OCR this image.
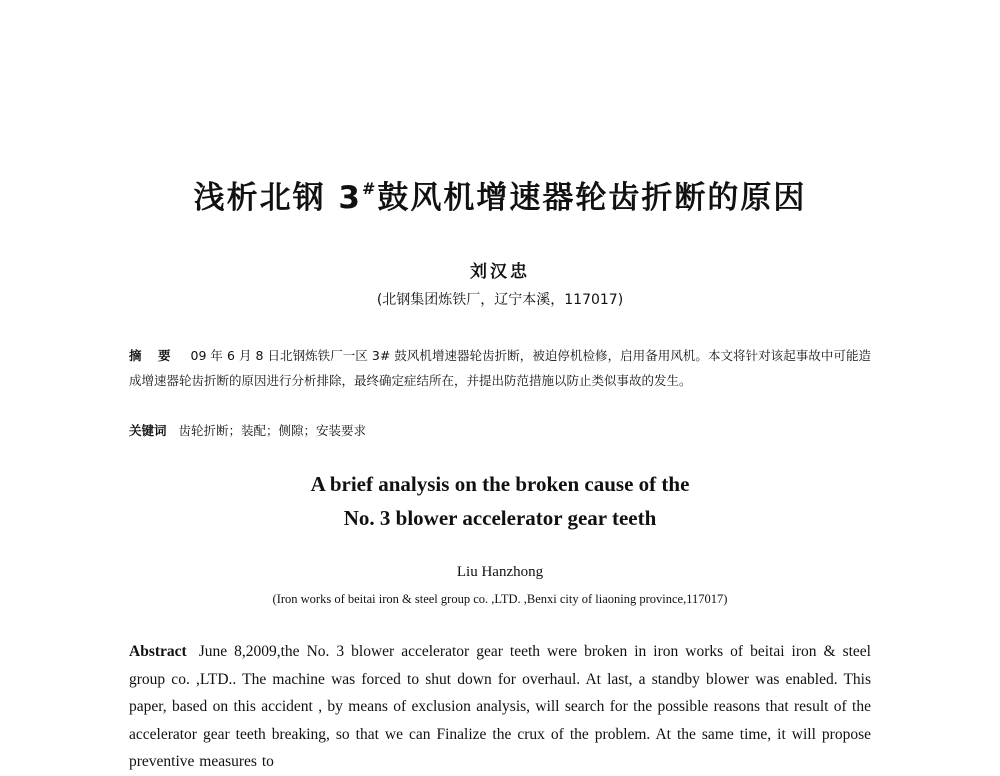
浅析北钢 3#鼓风机增速器轮齿折断的原因
刘汉忠
(北钢集团炼铁厂，辽宁本溪，117017)
摘 要 09 年 6 月 8 日北钢炼铁厂一区 3# 鼓风机增速器轮齿折断，被迫停机检修，启用备用风机。本文将针对该起事故中可能造成增速器轮齿折断的原因进行分析排除，最终确定症结所在，并提出防范措施以防止类似事故的发生。
关键词 齿轮折断；装配；侧隙；安装要求
A brief analysis on the broken cause of the
No. 3 blower accelerator gear teeth
Liu Hanzhong
(Iron works of beitai iron & steel group co. ,LTD. ,Benxi city of liaoning province,117017)
Abstract June 8,2009,the No. 3 blower accelerator gear teeth were broken in iron works of beitai iron & steel group co. ,LTD.. The machine was forced to shut down for overhaul. At last, a standby blower was enabled. This paper, based on this accident , by means of exclusion analysis, will search for the possible reasons that result of the accelerator gear teeth breaking, so that we can Finalize the crux of the problem. At the same time, it will propose preventive measures to
